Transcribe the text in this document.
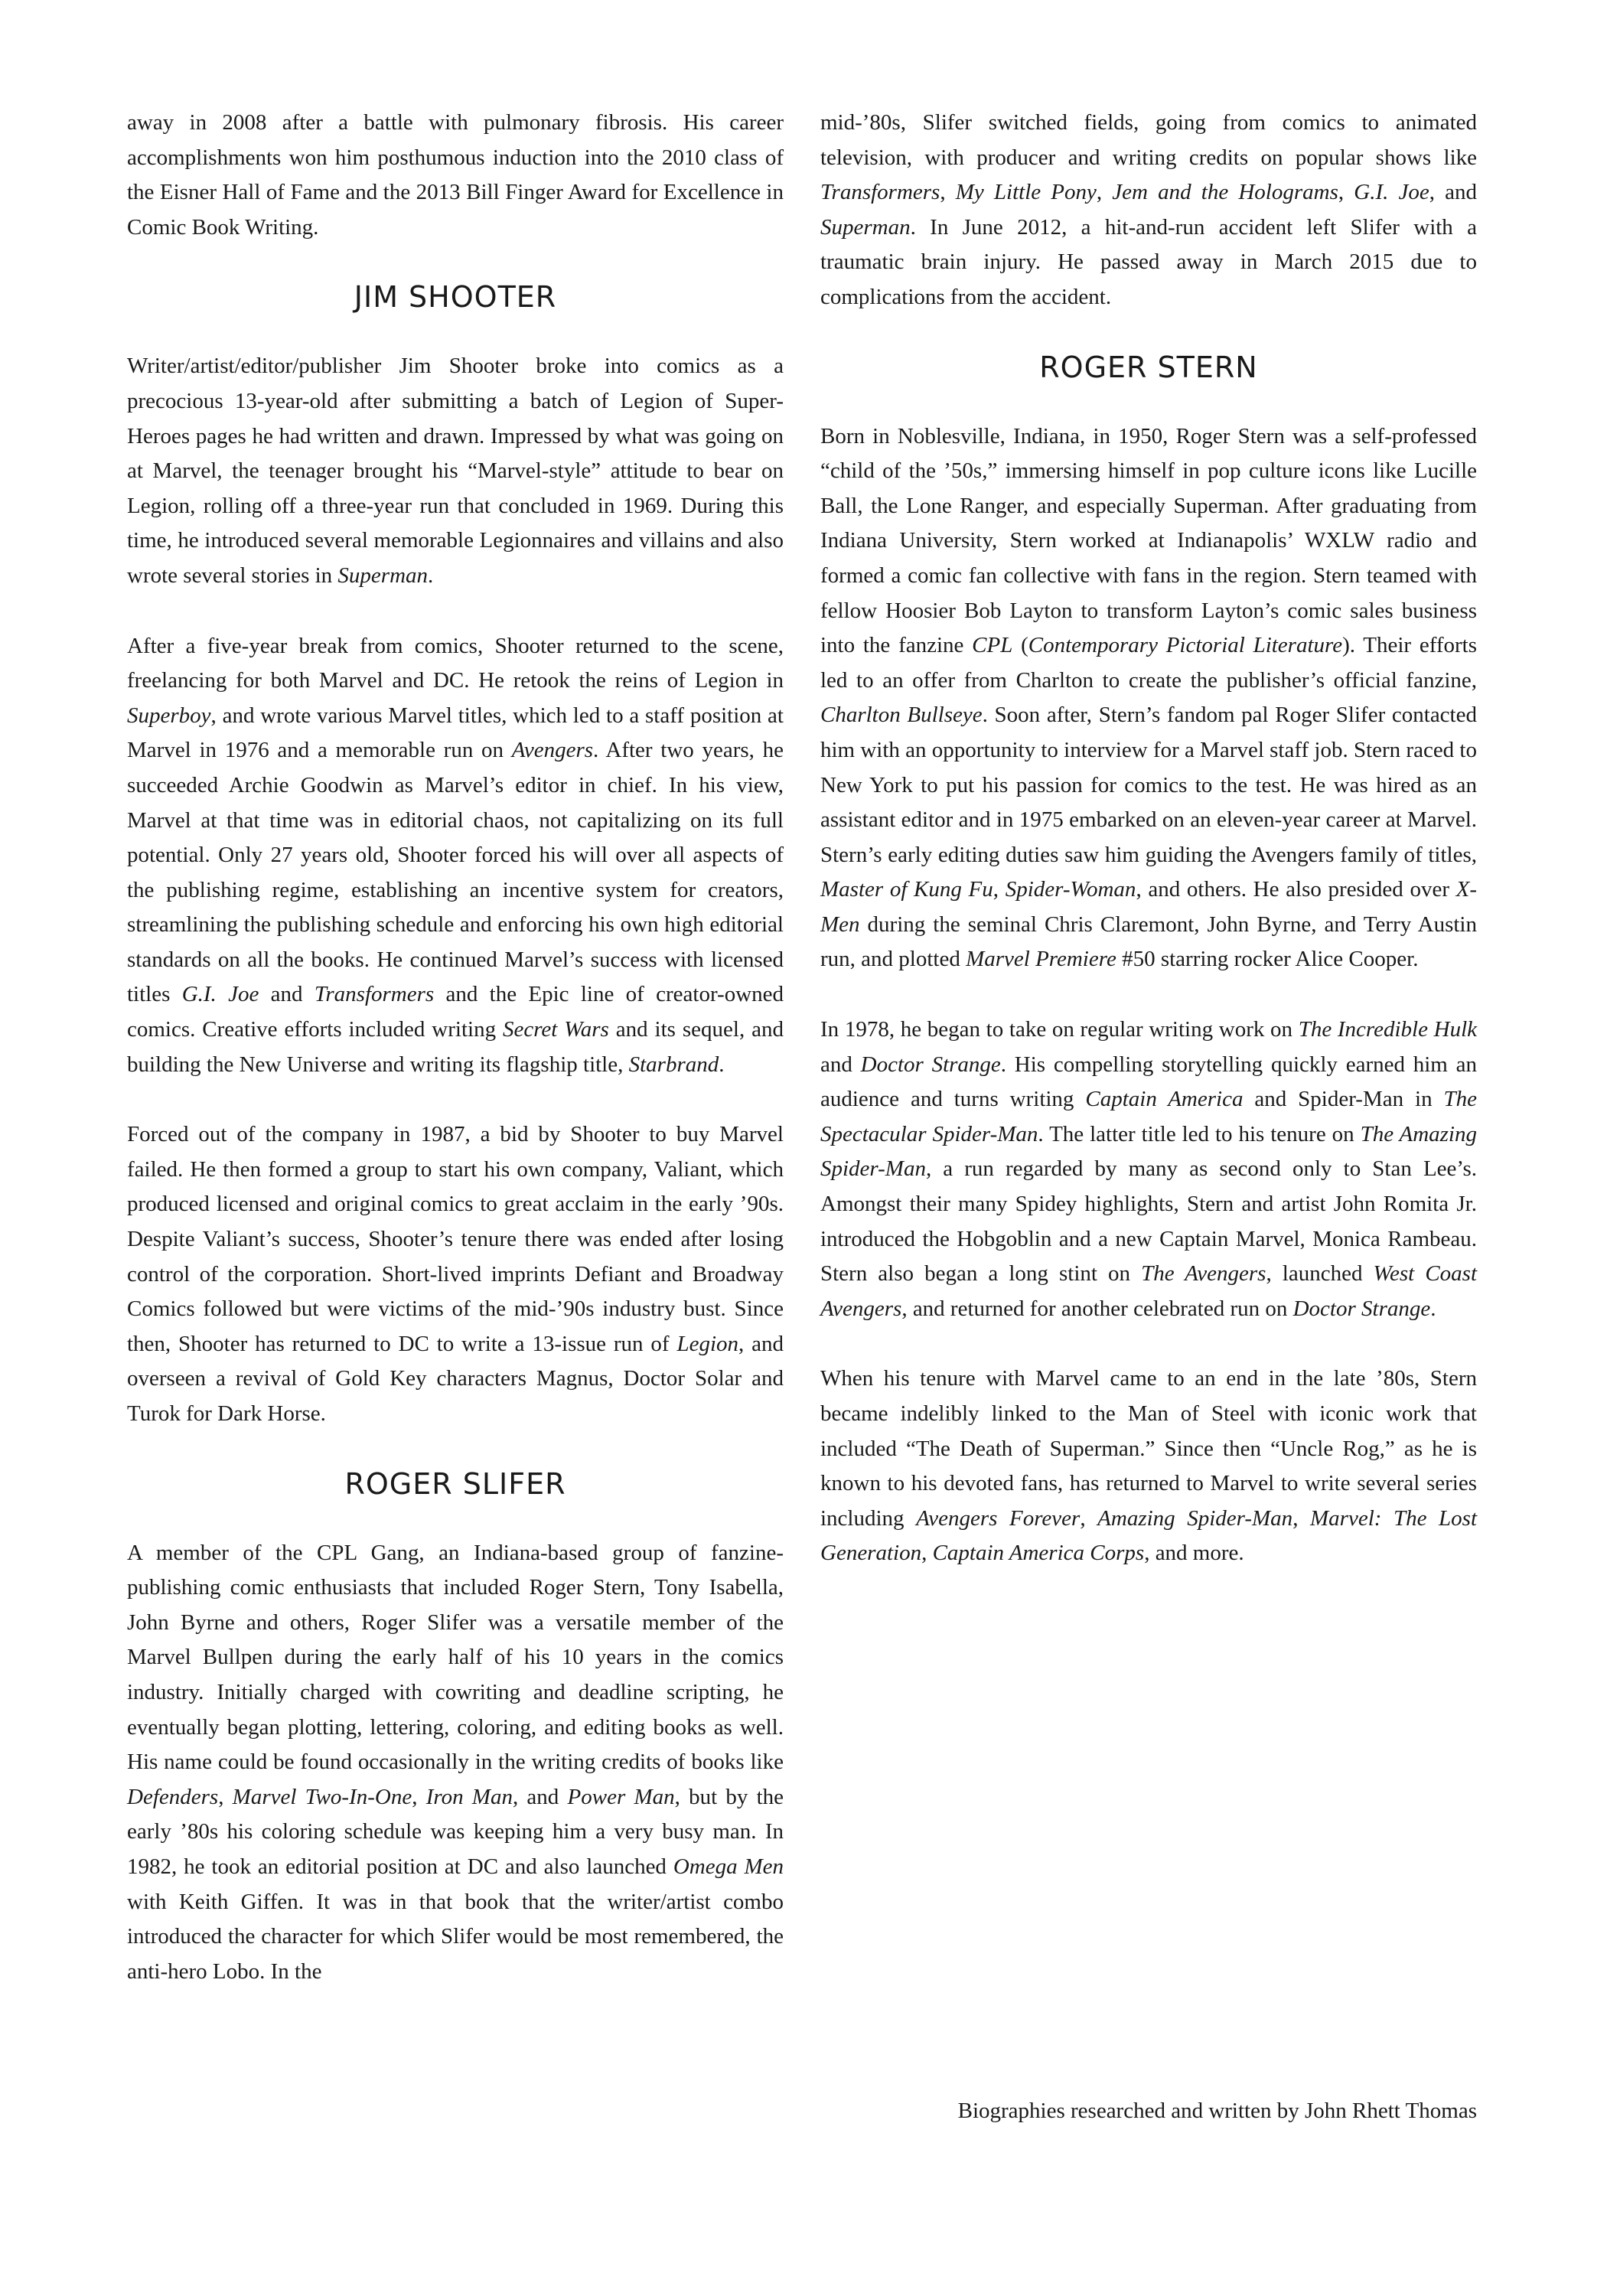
away in 2008 after a battle with pulmonary fibrosis. His career accomplishments won him posthumous induction into the 2010 class of the Eisner Hall of Fame and the 2013 Bill Finger Award for Excellence in Comic Book Writing.

JIM SHOOTER

Writer/artist/editor/publisher Jim Shooter broke into comics as a precocious 13-year-old after submitting a batch of Legion of Super-Heroes pages he had written and drawn. Impressed by what was going on at Marvel, the teenager brought his “Marvel-style” attitude to bear on Legion, rolling off a three-year run that concluded in 1969. During this time, he introduced several memorable Legionnaires and villains and also wrote several stories in Superman.

After a five-year break from comics, Shooter returned to the scene, freelancing for both Marvel and DC. He retook the reins of Legion in Superboy, and wrote various Marvel titles, which led to a staff position at Marvel in 1976 and a memorable run on Avengers. After two years, he succeeded Archie Goodwin as Marvel’s editor in chief. In his view, Marvel at that time was in editorial chaos, not capitalizing on its full potential. Only 27 years old, Shooter forced his will over all aspects of the publishing regime, establishing an incentive system for creators, streamlining the publishing schedule and enforcing his own high editorial standards on all the books. He continued Marvel’s success with licensed titles G.I. Joe and Transformers and the Epic line of creator-owned comics. Creative efforts included writing Secret Wars and its sequel, and building the New Universe and writing its flagship title, Starbrand.

Forced out of the company in 1987, a bid by Shooter to buy Marvel failed. He then formed a group to start his own company, Valiant, which produced licensed and original comics to great acclaim in the early ’90s. Despite Valiant’s success, Shooter’s tenure there was ended after losing control of the corporation. Short-lived imprints Defiant and Broadway Comics followed but were victims of the mid-’90s industry bust. Since then, Shooter has returned to DC to write a 13-issue run of Legion, and overseen a revival of Gold Key characters Magnus, Doctor Solar and Turok for Dark Horse.

ROGER SLIFER

A member of the CPL Gang, an Indiana-based group of fanzine-publishing comic enthusiasts that included Roger Stern, Tony Isabella, John Byrne and others, Roger Slifer was a versatile member of the Marvel Bullpen during the early half of his 10 years in the comics industry. Initially charged with cowriting and deadline scripting, he eventually began plotting, lettering, coloring, and editing books as well. His name could be found occasionally in the writing credits of books like Defenders, Marvel Two-In-One, Iron Man, and Power Man, but by the early ’80s his coloring schedule was keeping him a very busy man. In 1982, he took an editorial position at DC and also launched Omega Men with Keith Giffen. It was in that book that the writer/artist combo introduced the character for which Slifer would be most remembered, the anti-hero Lobo. In the

mid-’80s, Slifer switched fields, going from comics to animated television, with producer and writing credits on popular shows like Transformers, My Little Pony, Jem and the Holograms, G.I. Joe, and Superman. In June 2012, a hit-and-run accident left Slifer with a traumatic brain injury. He passed away in March 2015 due to complications from the accident.

ROGER STERN

Born in Noblesville, Indiana, in 1950, Roger Stern was a self-professed “child of the ’50s,” immersing himself in pop culture icons like Lucille Ball, the Lone Ranger, and especially Superman. After graduating from Indiana University, Stern worked at Indianapolis’ WXLW radio and formed a comic fan collective with fans in the region. Stern teamed with fellow Hoosier Bob Layton to transform Layton’s comic sales business into the fanzine CPL (Contemporary Pictorial Literature). Their efforts led to an offer from Charlton to create the publisher’s official fanzine, Charlton Bullseye. Soon after, Stern’s fandom pal Roger Slifer contacted him with an opportunity to interview for a Marvel staff job. Stern raced to New York to put his passion for comics to the test. He was hired as an assistant editor and in 1975 embarked on an eleven-year career at Marvel. Stern’s early editing duties saw him guiding the Avengers family of titles, Master of Kung Fu, Spider-Woman, and others. He also presided over X-Men during the seminal Chris Claremont, John Byrne, and Terry Austin run, and plotted Marvel Premiere #50 starring rocker Alice Cooper.

In 1978, he began to take on regular writing work on The Incredible Hulk and Doctor Strange. His compelling storytelling quickly earned him an audience and turns writing Captain America and Spider-Man in The Spectacular Spider-Man. The latter title led to his tenure on The Amazing Spider-Man, a run regarded by many as second only to Stan Lee’s. Amongst their many Spidey highlights, Stern and artist John Romita Jr. introduced the Hobgoblin and a new Captain Marvel, Monica Rambeau. Stern also began a long stint on The Avengers, launched West Coast Avengers, and returned for another celebrated run on Doctor Strange.

When his tenure with Marvel came to an end in the late ’80s, Stern became indelibly linked to the Man of Steel with iconic work that included “The Death of Superman.” Since then “Uncle Rog,” as he is known to his devoted fans, has returned to Marvel to write several series including Avengers Forever, Amazing Spider-Man, Marvel: The Lost Generation, Captain America Corps, and more.

Biographies researched and written by John Rhett Thomas
